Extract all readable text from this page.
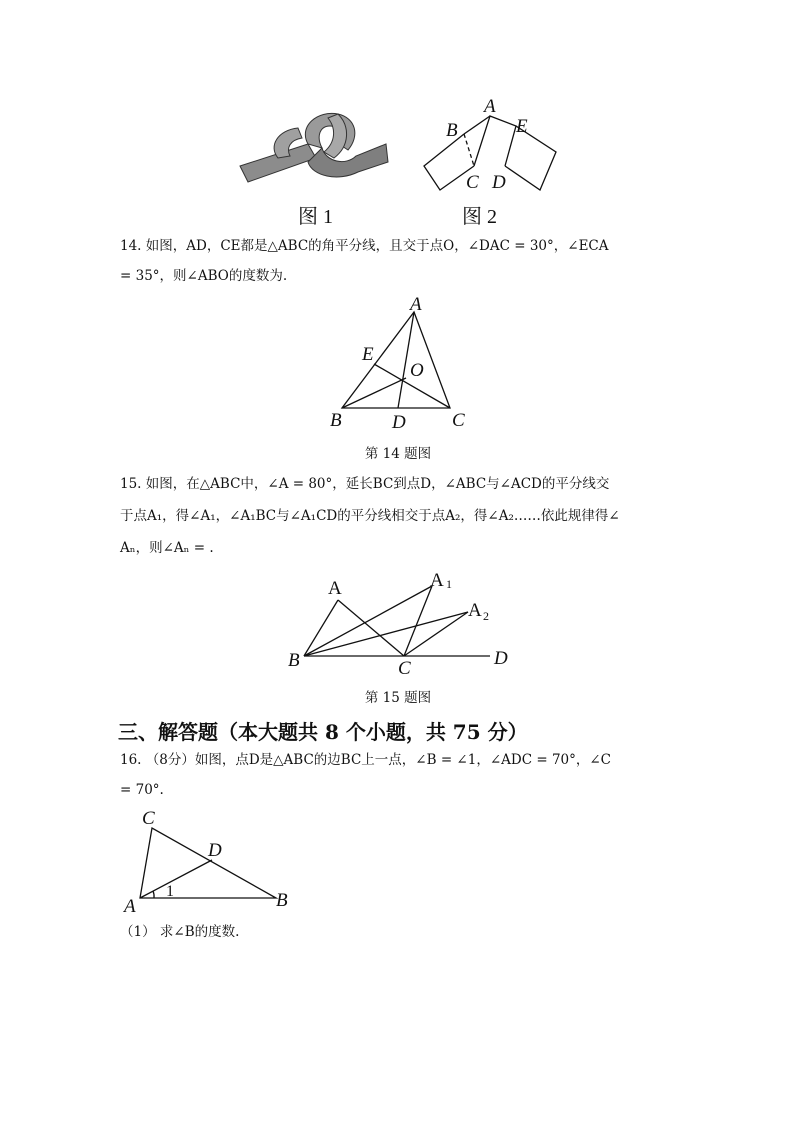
图 1
A
B
C D
E
图 2
14. 如图，AD，CE都是△ABC的角平分线，且交于点O，∠DAC = 30°，∠ECA
= 35°，则∠ABO的度数为.
A
B	C
D
E
O
第 14 题图
15. 如图，在△ABC中，∠A = 80°，延长BC到点D，∠ABC与∠ACD的平分线交
于点A₁，得∠A₁，∠A₁BC与∠A₁CD的平分线相交于点A₂，得∠A₂……依此规律得∠
Aₙ，则∠Aₙ = .
A	A 1
A 2
B	C	D
第 15 题图
三、解答题（本大题共 8 个小题，共 75 分）
16. （8分）如图，点D是△ABC的边BC上一点，∠B = ∠1，∠ADC = 70°，∠C
= 70°.
C
D
A	B
1
（1） 求∠B的度数.
